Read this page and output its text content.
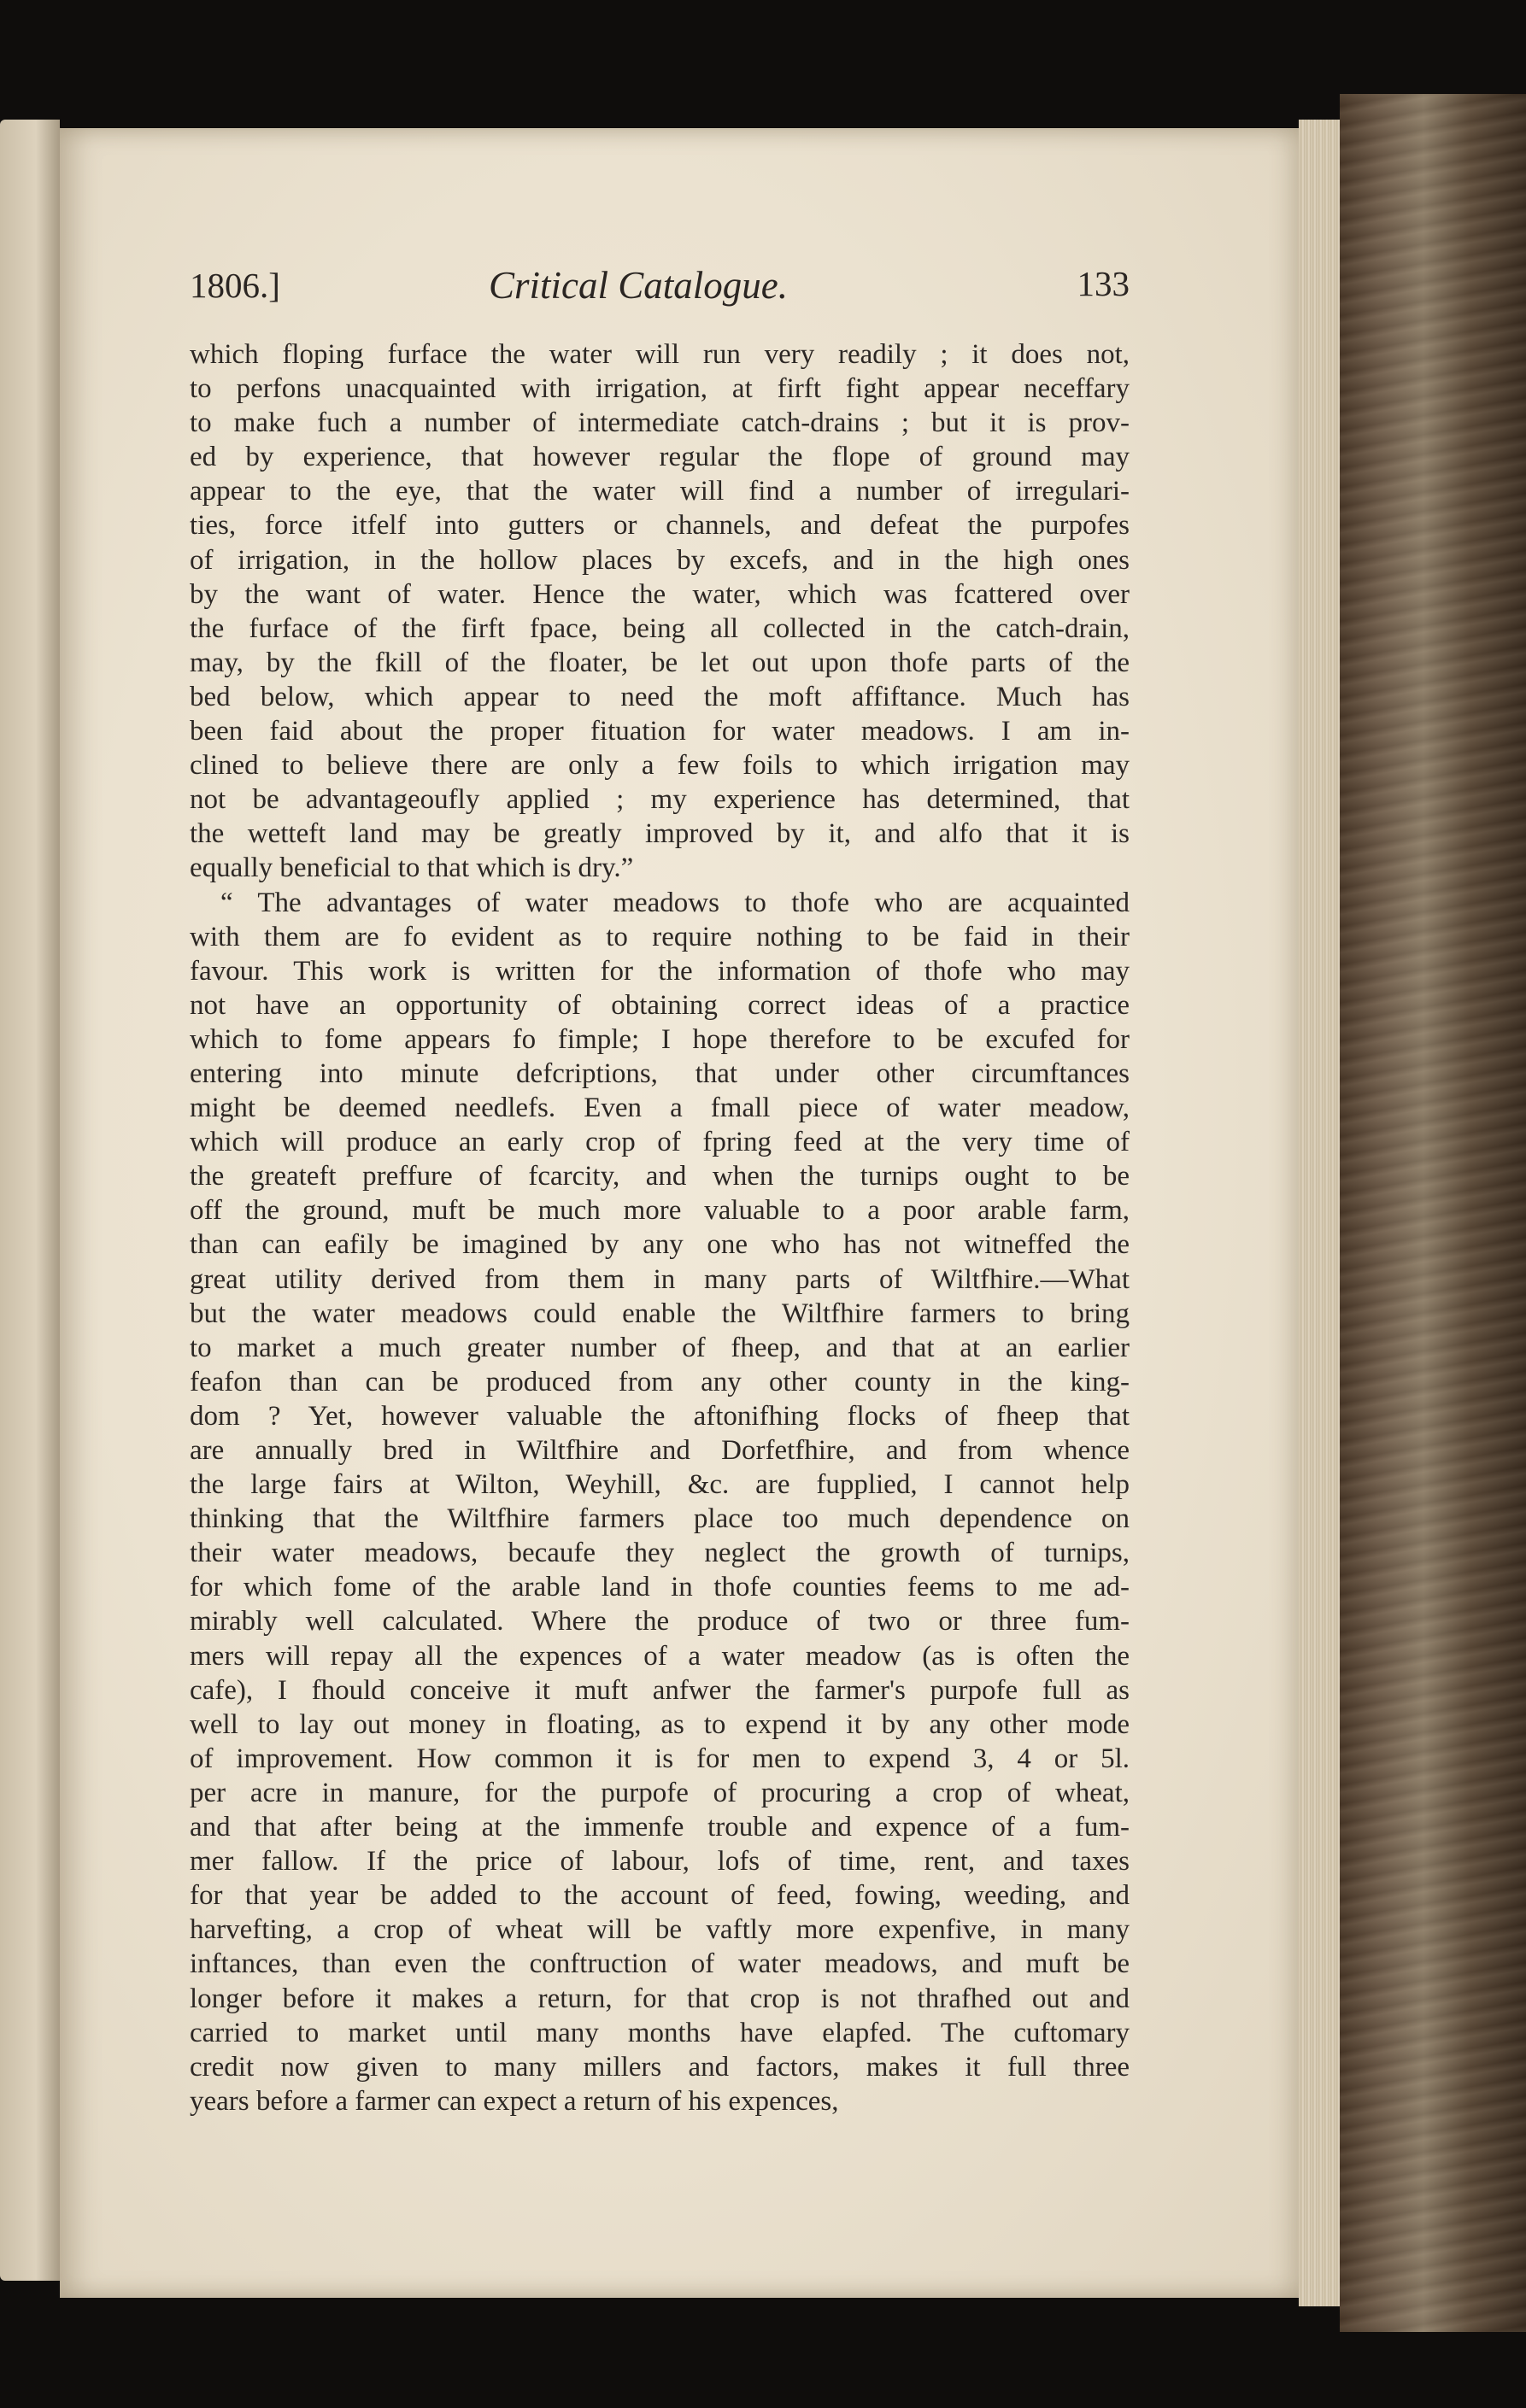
1806.]	Critical Catalogue.	133
which floping furface the water will run very readily ; it does not,
to perfons unacquainted with irrigation, at firft fight appear neceffary
to make fuch a number of intermediate catch-drains ; but it is prov-
ed by experience, that however regular the flope of ground may
appear to the eye, that the water will find a number of irregulari-
ties, force itfelf into gutters or channels, and defeat the purpofes
of irrigation, in the hollow places by excefs, and in the high ones
by the want of water. Hence the water, which was fcattered over
the furface of the firft fpace, being all collected in the catch-drain,
may, by the fkill of the floater, be let out upon thofe parts of the
bed below, which appear to need the moft affiftance. Much has
been faid about the proper fituation for water meadows. I am in-
clined to believe there are only a few foils to which irrigation may
not be advantageoufly applied ; my experience has determined, that
the wetteft land may be greatly improved by it, and alfo that it is
equally beneficial to that which is dry.”
“ The advantages of water meadows to thofe who are acquainted
with them are fo evident as to require nothing to be faid in their
favour. This work is written for the information of thofe who may
not have an opportunity of obtaining correct ideas of a practice
which to fome appears fo fimple; I hope therefore to be excufed for
entering into minute defcriptions, that under other circumftances
might be deemed needlefs. Even a fmall piece of water meadow,
which will produce an early crop of fpring feed at the very time of
the greateft preffure of fcarcity, and when the turnips ought to be
off the ground, muft be much more valuable to a poor arable farm,
than can eafily be imagined by any one who has not witneffed the
great utility derived from them in many parts of Wiltfhire.—What
but the water meadows could enable the Wiltfhire farmers to bring
to market a much greater number of fheep, and that at an earlier
feafon than can be produced from any other county in the king-
dom ? Yet, however valuable the aftonifhing flocks of fheep that
are annually bred in Wiltfhire and Dorfetfhire, and from whence
the large fairs at Wilton, Weyhill, &c. are fupplied, I cannot help
thinking that the Wiltfhire farmers place too much dependence on
their water meadows, becaufe they neglect the growth of turnips,
for which fome of the arable land in thofe counties feems to me ad-
mirably well calculated. Where the produce of two or three fum-
mers will repay all the expences of a water meadow (as is often the
cafe), I fhould conceive it muft anfwer the farmer's purpofe full as
well to lay out money in floating, as to expend it by any other mode
of improvement. How common it is for men to expend 3, 4 or 5l.
per acre in manure, for the purpofe of procuring a crop of wheat,
and that after being at the immenfe trouble and expence of a fum-
mer fallow. If the price of labour, lofs of time, rent, and taxes
for that year be added to the account of feed, fowing, weeding, and
harvefting, a crop of wheat will be vaftly more expenfive, in many
inftances, than even the conftruction of water meadows, and muft be
longer before it makes a return, for that crop is not thrafhed out and
carried to market until many months have elapfed. The cuftomary
credit now given to many millers and factors, makes it full three
years before a farmer can expect a return of his expences,
